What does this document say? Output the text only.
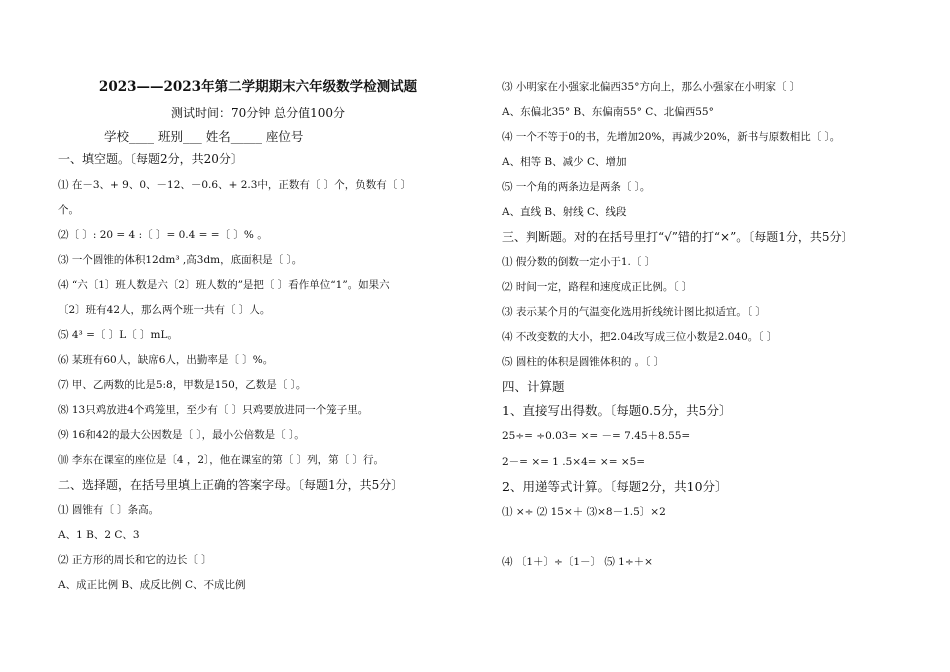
2023——2023年第二学期期末六年级数学检测试题
测试时间：70分钟 总分值100分
学校____ 班别___ 姓名_____ 座位号
一、填空题。〔每题2分，共20分〕
⑴ 在－3、+ 9、0、－12、－0.6、+ 2.3中，正数有〔 〕个，负数有〔 〕
个。
⑵〔 〕: 20 = 4 :〔 〕= 0.4 = =〔 〕% 。
⑶ 一个圆锥的体积12dm³ ,高3dm，底面积是〔 〕。
⑷ “六〔1〕班人数是六〔2〕班人数的”是把〔 〕看作单位“1”。如果六
〔2〕班有42人，那么两个班一共有〔 〕人。
⑸ 4³ =〔 〕L〔 〕mL。
⑹ 某班有60人，缺席6人，出勤率是〔 〕%。
⑺ 甲、乙两数的比是5:8，甲数是150，乙数是〔 〕。
⑻ 13只鸡放进4个鸡笼里，至少有〔 〕只鸡要放进同一个笼子里。
⑼ 16和42的最大公因数是〔 〕，最小公倍数是〔 〕。
⑽ 李东在课室的座位是〔4 ，2〕，他在课室的第〔 〕列，第〔 〕行。
二、选择题，在括号里填上正确的答案字母。〔每题1分，共5分〕
⑴ 圆锥有〔 〕条高。
A、1 B、2 C、3
⑵ 正方形的周长和它的边长〔 〕
A、成正比例 B、成反比例 C、不成比例
⑶ 小明家在小强家北偏西35°方向上，那么小强家在小明家〔 〕
A、东偏北35° B、东偏南55° C、北偏西55°
⑷ 一个不等于0的书，先增加20%，再减少20%，新书与原数相比〔 〕。
A、相等 B、减少 C、增加
⑸ 一个角的两条边是两条〔 〕。
A、直线 B、射线 C、线段
三、判断题。对的在括号里打“√”错的打“×”。〔每题1分，共5分〕
⑴ 假分数的倒数一定小于1.〔 〕
⑵ 时间一定，路程和速度成正比例。〔 〕
⑶ 表示某个月的气温变化选用折线统计图比拟适宜。〔 〕
⑷ 不改变数的大小，把2.04改写成三位小数是2.040。〔 〕
⑸ 圆柱的体积是圆锥体积的 。〔 〕
四、计算题
1、直接写出得数。〔每题0.5分，共5分〕
25÷= ÷0.03= ×= －= 7.45＋8.55=
2－= ×= 1 .5×4= ×= ×5=
2、用递等式计算。〔每题2分，共10分〕
⑴ ×÷ ⑵ 15×＋ ⑶×8－1.5〕×2
⑷ 〔1＋〕÷〔1－〕 ⑸ 1÷＋×
